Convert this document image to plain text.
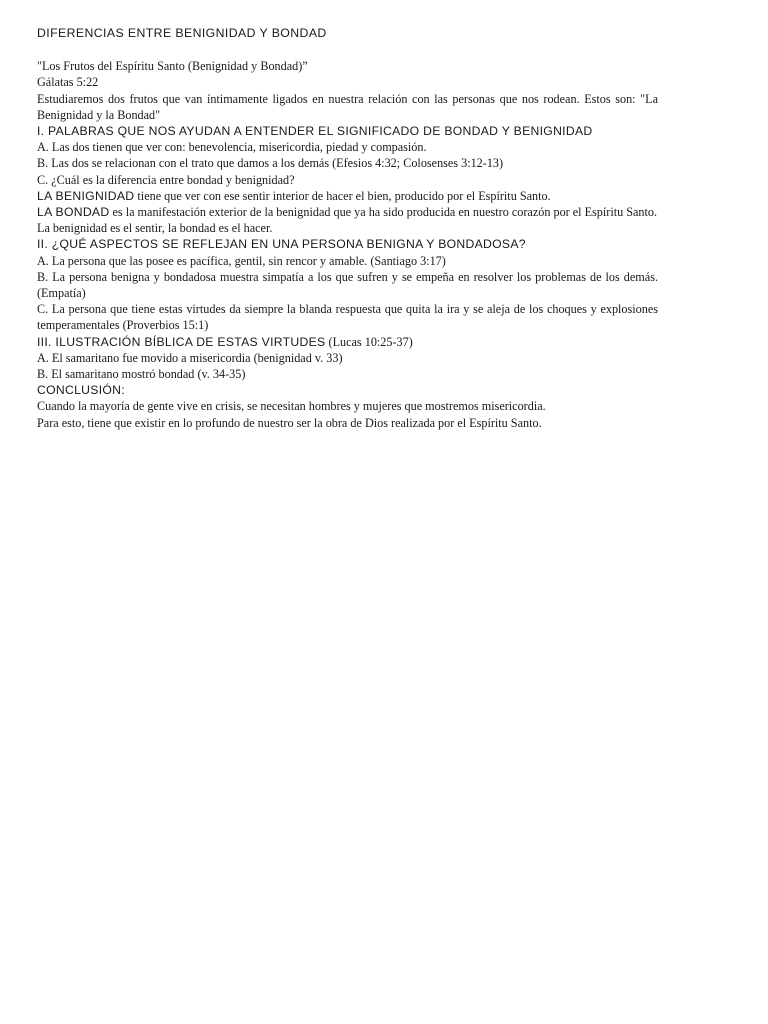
DIFERENCIAS ENTRE BENIGNIDAD Y BONDAD

"Los Frutos del Espíritu Santo (Benignidad y Bondad)”

Gálatas 5:22

Estudiaremos dos frutos que van íntimamente ligados en nuestra relación con las personas que nos rodean. Estos son: "La Benignidad y la Bondad"

I. PALABRAS QUE NOS AYUDAN A ENTENDER EL SIGNIFICADO DE BONDAD Y BENIGNIDAD

A. Las dos tienen que ver con: benevolencia, misericordia, piedad y compasión.

B. Las dos se relacionan con el trato que damos a los demás (Efesios 4:32; Colosenses 3:12-13)

C. ¿Cuál es la diferencia entre bondad y benignidad?

LA BENIGNIDAD tiene que ver con ese sentir interior de hacer el bien, producido por el Espíritu Santo.

LA BONDAD es la manifestación exterior de la benignidad que ya ha sido producida en nuestro corazón por el Espíritu Santo.

La benignidad es el sentir, la bondad es el hacer.

II. ¿QUÉ ASPECTOS SE REFLEJAN EN UNA PERSONA BENIGNA Y BONDADOSA?

A. La persona que las posee es pacífica, gentil, sin rencor y amable. (Santiago 3:17)

B. La persona benigna y bondadosa muestra simpatía a los que sufren y se empeña en resolver los problemas de los demás. (Empatía)

C. La persona que tiene estas virtudes da siempre la blanda respuesta que quita la ira y se aleja de los choques y explosiones temperamentales (Proverbios 15:1)

III. ILUSTRACIÓN BÍBLICA DE ESTAS VIRTUDES (Lucas 10:25-37)

A. El samaritano fue movido a misericordia (benignidad v. 33)

B. El samaritano mostró bondad (v. 34-35)

CONCLUSIÓN:

Cuando la mayoría de gente vive en crisis, se necesitan hombres y mujeres que mostremos misericordia.

Para esto, tiene que existir en lo profundo de nuestro ser la obra de Dios realizada por el Espíritu Santo.
